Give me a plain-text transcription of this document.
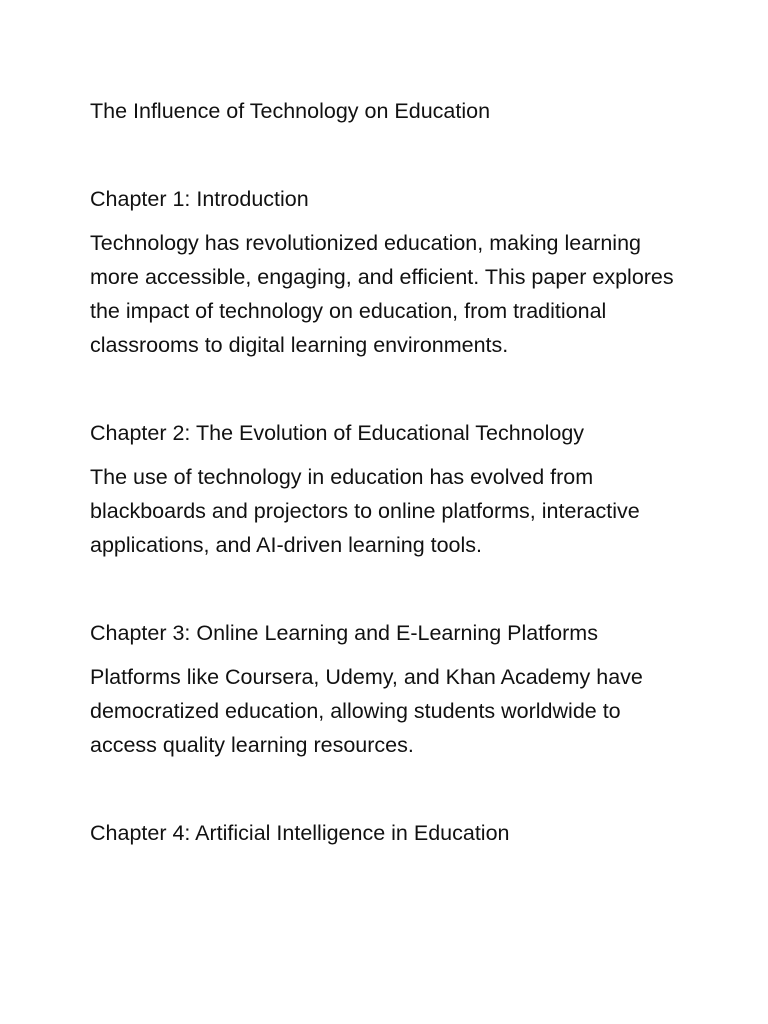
The Influence of Technology on Education

Chapter 1: Introduction

Technology has revolutionized education, making learning more accessible, engaging, and efficient. This paper explores the impact of technology on education, from traditional classrooms to digital learning environments.

Chapter 2: The Evolution of Educational Technology

The use of technology in education has evolved from blackboards and projectors to online platforms, interactive applications, and AI-driven learning tools.

Chapter 3: Online Learning and E-Learning Platforms

Platforms like Coursera, Udemy, and Khan Academy have democratized education, allowing students worldwide to access quality learning resources.

Chapter 4: Artificial Intelligence in Education
